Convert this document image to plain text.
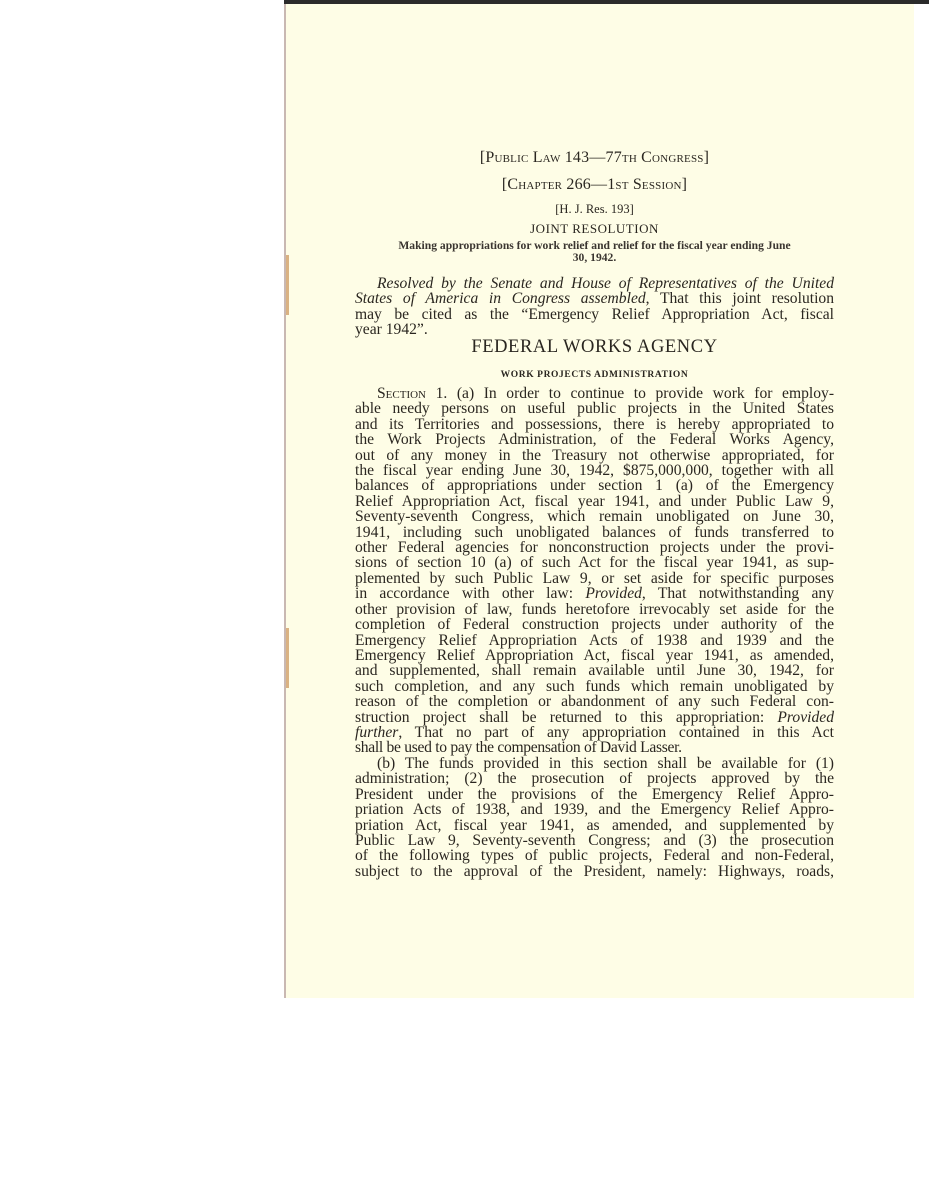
[Public Law 143—77th Congress]
[Chapter 266—1st Session]
[H. J. Res. 193]
JOINT RESOLUTION
Making appropriations for work relief and relief for the fiscal year ending June
30, 1942.
Resolved by the Senate and House of Representatives of the United
States of America in Congress assembled, That this joint resolution
may be cited as the “Emergency Relief Appropriation Act, fiscal
year 1942”.
FEDERAL WORKS AGENCY
WORK PROJECTS ADMINISTRATION
Section 1. (a) In order to continue to provide work for employ-
able needy persons on useful public projects in the United States
and its Territories and possessions, there is hereby appropriated to
the Work Projects Administration, of the Federal Works Agency,
out of any money in the Treasury not otherwise appropriated, for
the fiscal year ending June 30, 1942, $875,000,000, together with all
balances of appropriations under section 1 (a) of the Emergency
Relief Appropriation Act, fiscal year 1941, and under Public Law 9,
Seventy-seventh Congress, which remain unobligated on June 30,
1941, including such unobligated balances of funds transferred to
other Federal agencies for nonconstruction projects under the provi-
sions of section 10 (a) of such Act for the fiscal year 1941, as sup-
plemented by such Public Law 9, or set aside for specific purposes
in accordance with other law: Provided, That notwithstanding any
other provision of law, funds heretofore irrevocably set aside for the
completion of Federal construction projects under authority of the
Emergency Relief Appropriation Acts of 1938 and 1939 and the
Emergency Relief Appropriation Act, fiscal year 1941, as amended,
and supplemented, shall remain available until June 30, 1942, for
such completion, and any such funds which remain unobligated by
reason of the completion or abandonment of any such Federal con-
struction project shall be returned to this appropriation: Provided
further, That no part of any appropriation contained in this Act
shall be used to pay the compensation of David Lasser.
(b) The funds provided in this section shall be available for (1)
administration; (2) the prosecution of projects approved by the
President under the provisions of the Emergency Relief Appro-
priation Acts of 1938, and 1939, and the Emergency Relief Appro-
priation Act, fiscal year 1941, as amended, and supplemented by
Public Law 9, Seventy-seventh Congress; and (3) the prosecution
of the following types of public projects, Federal and non-Federal,
subject to the approval of the President, namely: Highways, roads,
